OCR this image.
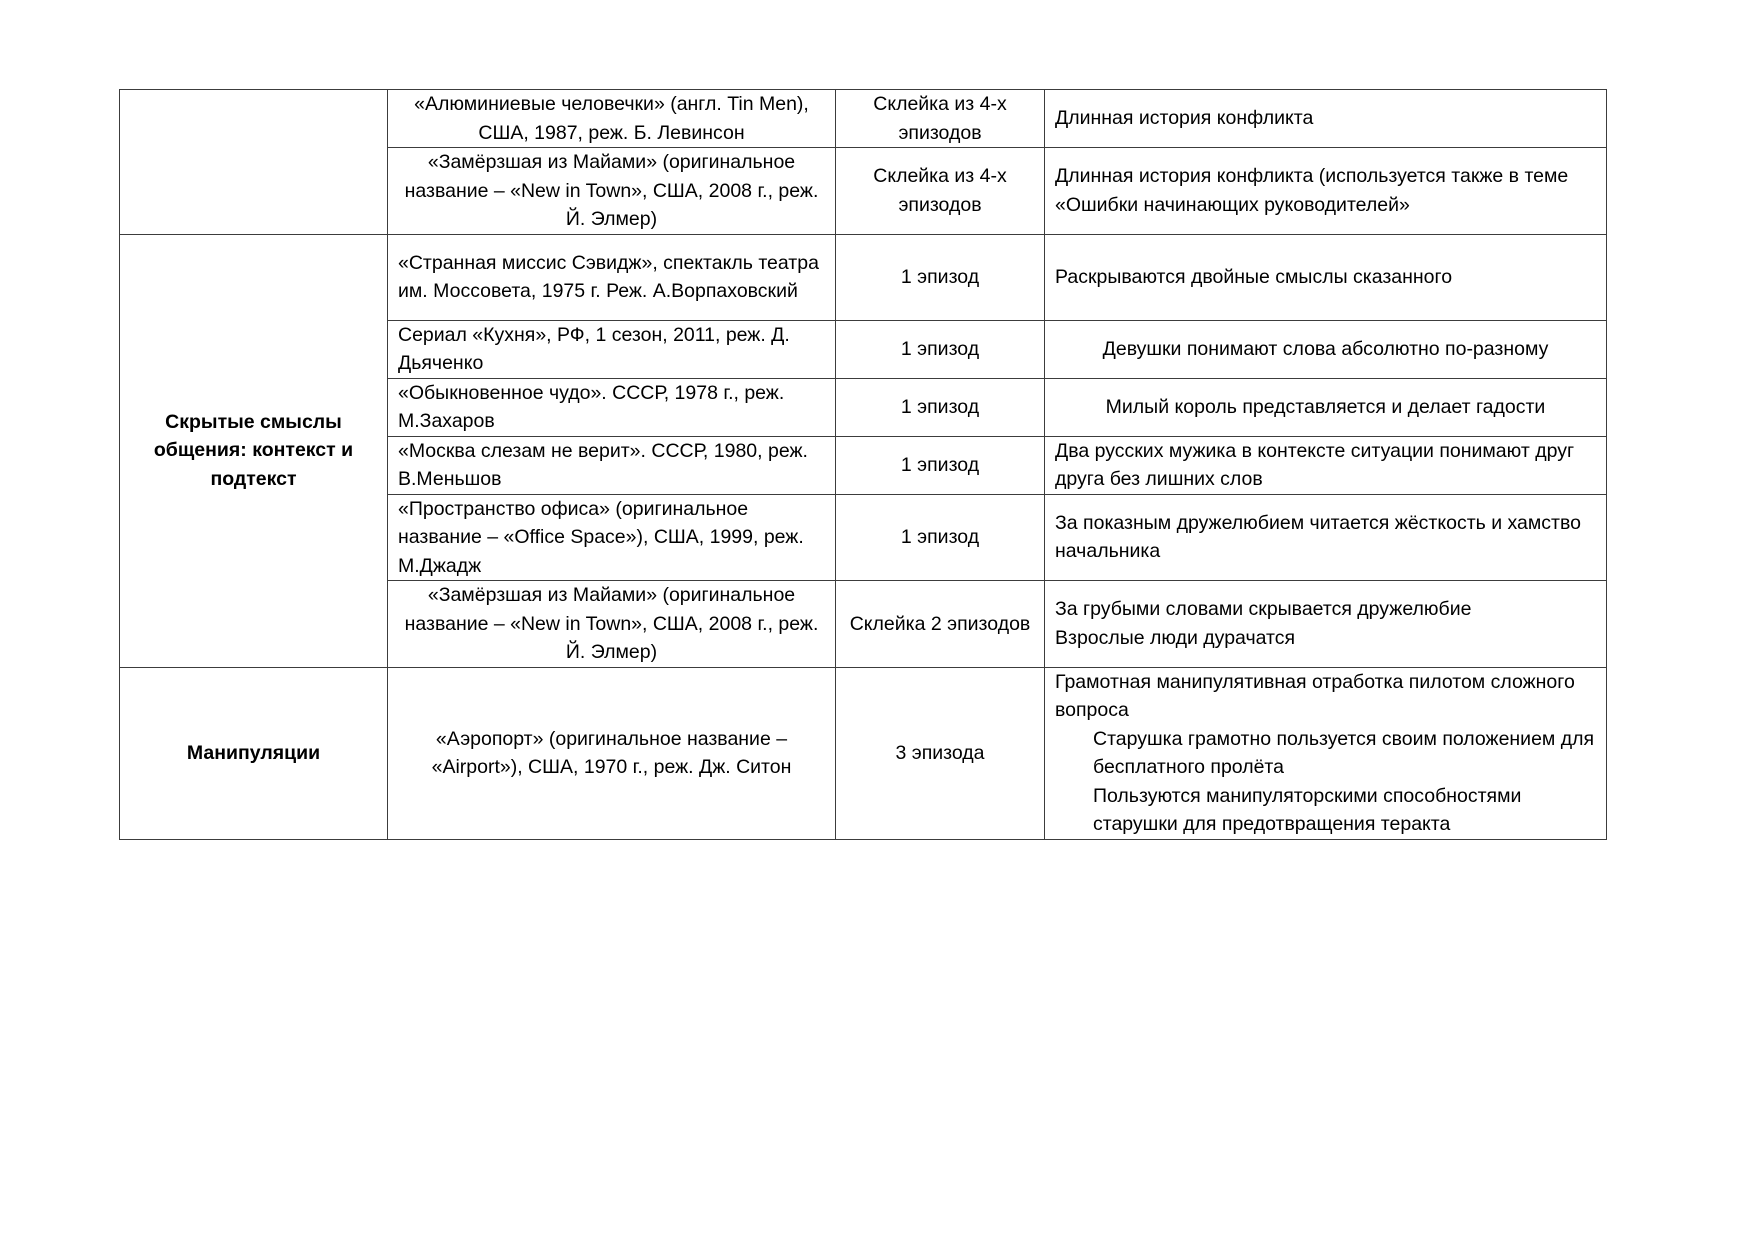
	«Алюминиевые человечки» (англ. Tin Men), США, 1987, реж. Б. Левинсон	Склейка из 4-х эпизодов	Длинная история конфликта

	«Замёрзшая из Майами» (оригинальное название – «New in Town», США, 2008 г., реж. Й. Элмер)	Склейка из 4-х эпизодов	Длинная история конфликта (используется также в теме «Ошибки начинающих руководителей»

Скрытые смыслы общения: контекст и подтекст	«Странная миссис Сэвидж», спектакль театра им. Моссовета, 1975 г. Реж. А.Ворпаховский	1 эпизод	Раскрываются двойные смыслы сказанного

	Сериал «Кухня», РФ, 1 сезон, 2011, реж. Д. Дьяченко	1 эпизод	Девушки понимают слова абсолютно по-разному

	«Обыкновенное чудо». СССР, 1978 г., реж. М.Захаров	1 эпизод	Милый король представляется и делает гадости

	«Москва слезам не верит». СССР, 1980, реж. В.Меньшов	1 эпизод	Два русских мужика в контексте ситуации понимают друг друга без лишних слов

	«Пространство офиса» (оригинальное название – «Office Space»), США, 1999, реж. М.Джадж	1 эпизод	За показным дружелюбием читается жёсткость и хамство начальника

	«Замёрзшая из Майами» (оригинальное название – «New in Town», США, 2008 г., реж. Й. Элмер)	Склейка 2 эпизодов	За грубыми словами скрывается дружелюбие
Взрослые люди дурачатся

Манипуляции	«Аэропорт» (оригинальное название – «Airport»), США, 1970 г., реж. Дж. Ситон	3 эпизода	Грамотная манипулятивная отработка пилотом сложного вопроса
Старушка грамотно пользуется своим положением для бесплатного пролёта
Пользуются манипуляторскими способностями старушки для предотвращения теракта
